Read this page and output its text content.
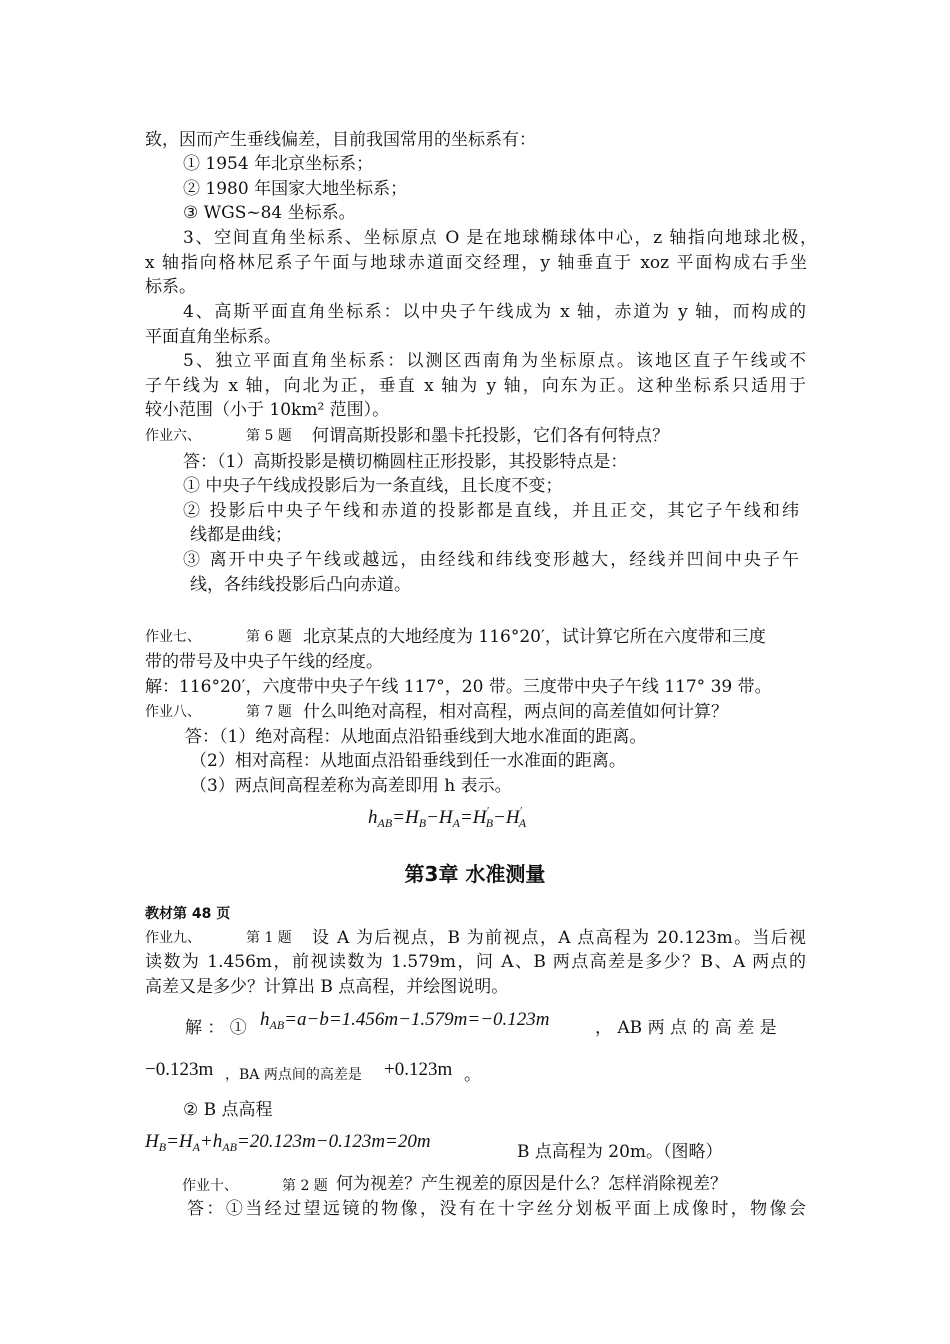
致，因而产生垂线偏差，目前我国常用的坐标系有：
① 1954 年北京坐标系；
② 1980 年国家大地坐标系；
③ WGS~84 坐标系。
3、空间直角坐标系、坐标原点 O 是在地球椭球体中心，z 轴指向地球北极，
x 轴指向格林尼系子午面与地球赤道面交经理，y 轴垂直于 xoz 平面构成右手坐
标系。
4、高斯平面直角坐标系：以中央子午线成为 x 轴，赤道为 y 轴，而构成的
平面直角坐标系。
5、独立平面直角坐标系：以测区西南角为坐标原点。该地区直子午线或不
子午线为 x 轴，向北为正，垂直 x 轴为 y 轴，向东为正。这种坐标系只适用于
较小范围（小于 10km² 范围）。
作业六、	第 5 题 何谓高斯投影和墨卡托投影，它们各有何特点？
答：（1）高斯投影是横切椭圆柱正形投影，其投影特点是：
① 中央子午线成投影后为一条直线，且长度不变；
② 投影后中央子午线和赤道的投影都是直线，并且正交，其它子午线和纬
线都是曲线；
③ 离开中央子午线或越远，由经线和纬线变形越大，经线并凹间中央子午
线，各纬线投影后凸向赤道。
作业七、	第 6 题 北京某点的大地经度为 116°20′，试计算它所在六度带和三度
带的带号及中央子午线的经度。
解：116°20′，六度带中央子午线 117°，20 带。三度带中央子午线 117° 39 带。
作业八、	第 7 题 什么叫绝对高程，相对高程，两点间的高差值如何计算？
答：（1）绝对高程：从地面点沿铅垂线到大地水准面的距离。
（2）相对高程：从地面点沿铅垂线到任一水准面的距离。
（3）两点间高程差称为高差即用 h 表示。
$h_{AB}=H_B-H_A=H'_B-H'_A$
第3章 水准测量
教材第 48 页
作业九、	第 1 题 设 A 为后视点，B 为前视点，A 点高程为 20.123m。当后视
读数为 1.456m，前视读数为 1.579m，问 A、B 两点高差是多少？B、A 两点的
高差又是多少？计算出 B 点高程，并绘图说明。
解 ： ① $h_{AB}=a-b=1.456m-1.579m=-0.123m$	， AB 两 点 的 高 差 是
−0.123m ，BA 两点间的高差是 +0.123m 。
② B 点高程
$H_B=H_A+h_{AB}=20.123m-0.123m=20m$	B 点高程为 20m。（图略）
作业十、	第 2 题 何为视差？产生视差的原因是什么？怎样消除视差？
答：①当经过望远镜的物像，没有在十字丝分划板平面上成像时，物像会
